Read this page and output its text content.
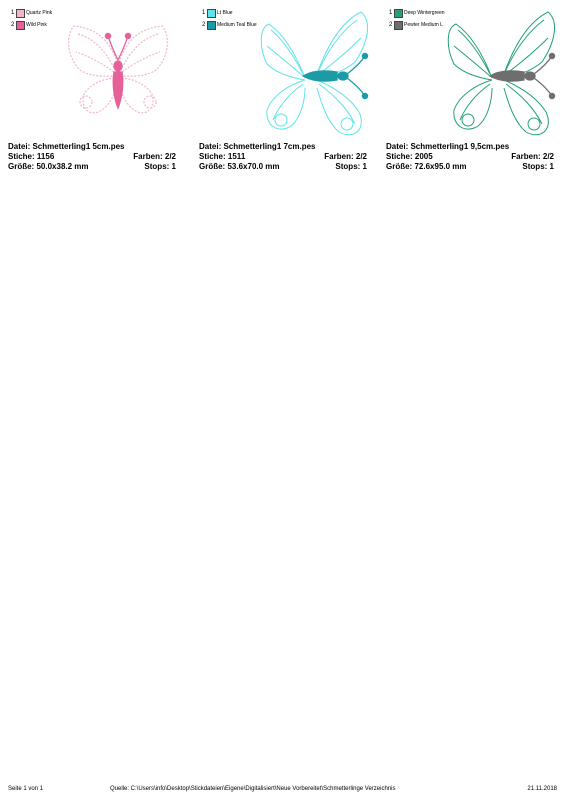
1 Quartz Pink
2 Wild Pink
Datei: Schmetterling1 5cm.pes
Stiche: 1156	Farben: 2/2
Größe: 50.0x38.2 mm	Stops: 1
1 Lt Blue
2 Medium Teal Blue
Datei: Schmetterling1 7cm.pes
Stiche: 1511	Farben: 2/2
Größe: 53.6x70.0 mm	Stops: 1
1 Deep Wintergreen
2 Pewter Medium L
Datei: Schmetterling1 9,5cm.pes
Stiche: 2005	Farben: 2/2
Größe: 72.6x95.0 mm	Stops: 1
Seite 1 von 1	Quelle: C:\Users\info\Desktop\Stickdateien\Eigene\Digitalisiert\Neue Vorbereitet\Schmetterlinge Verzeichnis	21.11.2018
